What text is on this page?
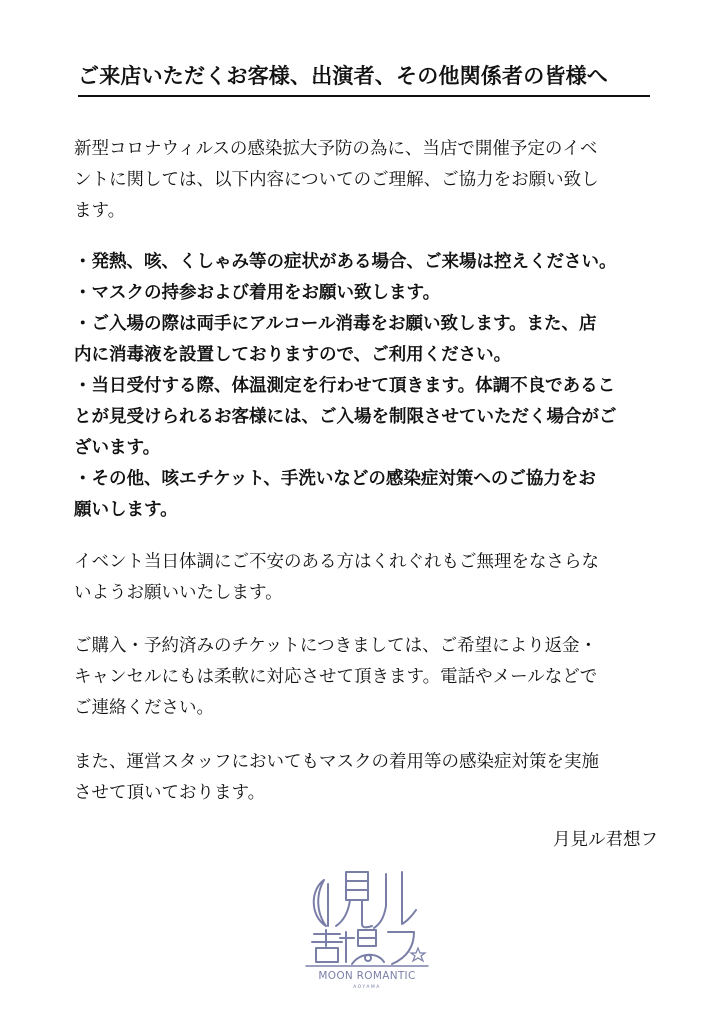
ご来店いただくお客様、出演者、その他関係者の皆様へ
新型コロナウィルスの感染拡大予防の為に、当店で開催予定のイベ
ントに関しては、以下内容についてのご理解、ご協力をお願い致し
ます。
・発熱、咳、くしゃみ等の症状がある場合、ご来場は控えください。
・マスクの持参および着用をお願い致します。
・ご入場の際は両手にアルコール消毒をお願い致します。また、店
内に消毒液を設置しておりますので、ご利用ください。
・当日受付する際、体温測定を行わせて頂きます。体調不良であるこ
とが見受けられるお客様には、ご入場を制限させていただく場合がご
ざいます。
・その他、咳エチケット、手洗いなどの感染症対策へのご協力をお
願いします。
イベント当日体調にご不安のある方はくれぐれもご無理をなさらな
いようお願いいたします。
ご購入・予約済みのチケットにつきましては、ご希望により返金・
キャンセルにもは柔軟に対応させて頂きます。電話やメールなどで
ご連絡ください。
また、運営スタッフにおいてもマスクの着用等の感染症対策を実施
させて頂いております。
月見ル君想フ
MOON ROMANTIC
AOYAMA
